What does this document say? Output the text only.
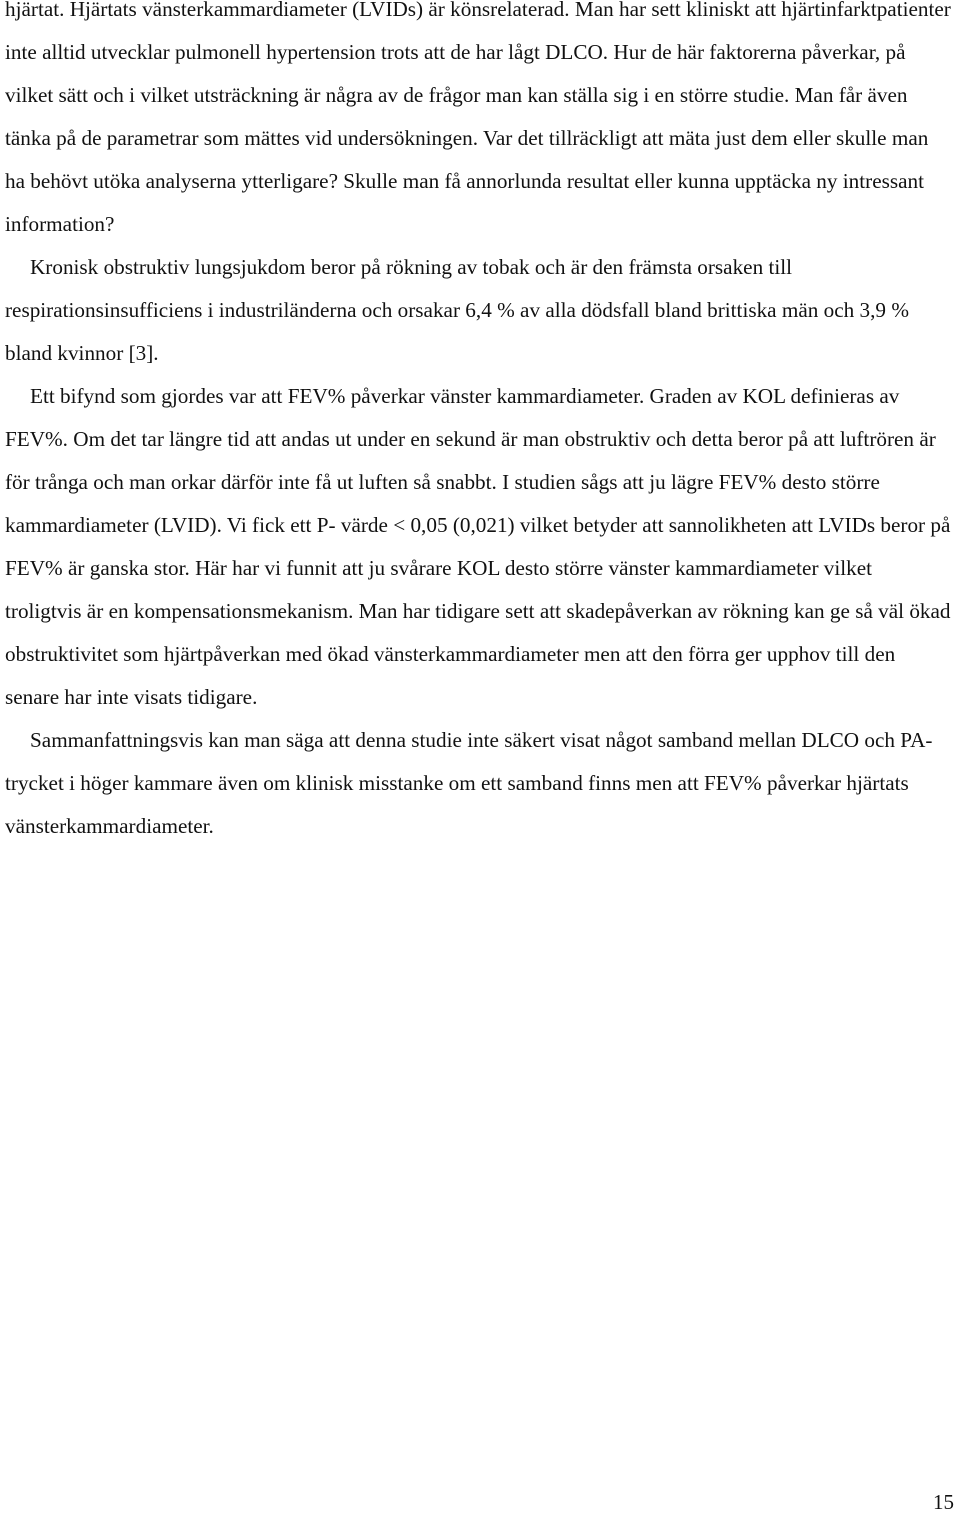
hjärtat. Hjärtats vänsterkammardiameter (LVIDs) är könsrelaterad. Man har sett kliniskt att hjärtinfarktpatienter inte alltid utvecklar pulmonell hypertension trots att de har lågt DLCO. Hur de här faktorerna påverkar, på vilket sätt och i vilket utsträckning är några av de frågor man kan ställa sig i en större studie. Man får även tänka på de parametrar som mättes vid undersökningen. Var det tillräckligt att mäta just dem eller skulle man ha behövt utöka analyserna ytterligare? Skulle man få annorlunda resultat eller kunna upptäcka ny intressant information?

Kronisk obstruktiv lungsjukdom beror på rökning av tobak och är den främsta orsaken till respirationsinsufficiens i industriländerna och orsakar 6,4 % av alla dödsfall bland brittiska män och 3,9 % bland kvinnor [3].

Ett bifynd som gjordes var att FEV% påverkar vänster kammardiameter. Graden av KOL definieras av FEV%. Om det tar längre tid att andas ut under en sekund är man obstruktiv och detta beror på att luftrören är för trånga och man orkar därför inte få ut luften så snabbt. I studien sågs att ju lägre FEV% desto större kammardiameter (LVID). Vi fick ett P- värde < 0,05 (0,021) vilket betyder att sannolikheten att LVIDs beror på FEV% är ganska stor. Här har vi funnit att ju svårare KOL desto större vänster kammardiameter vilket troligtvis är en kompensationsmekanism. Man har tidigare sett att skadepåverkan av rökning kan ge så väl ökad obstruktivitet som hjärtpåverkan med ökad vänsterkammardiameter men att den förra ger upphov till den senare har inte visats tidigare.

Sammanfattningsvis kan man säga att denna studie inte säkert visat något samband mellan DLCO och PA-trycket i höger kammare även om klinisk misstanke om ett samband finns men att FEV% påverkar hjärtats vänsterkammardiameter.

15
